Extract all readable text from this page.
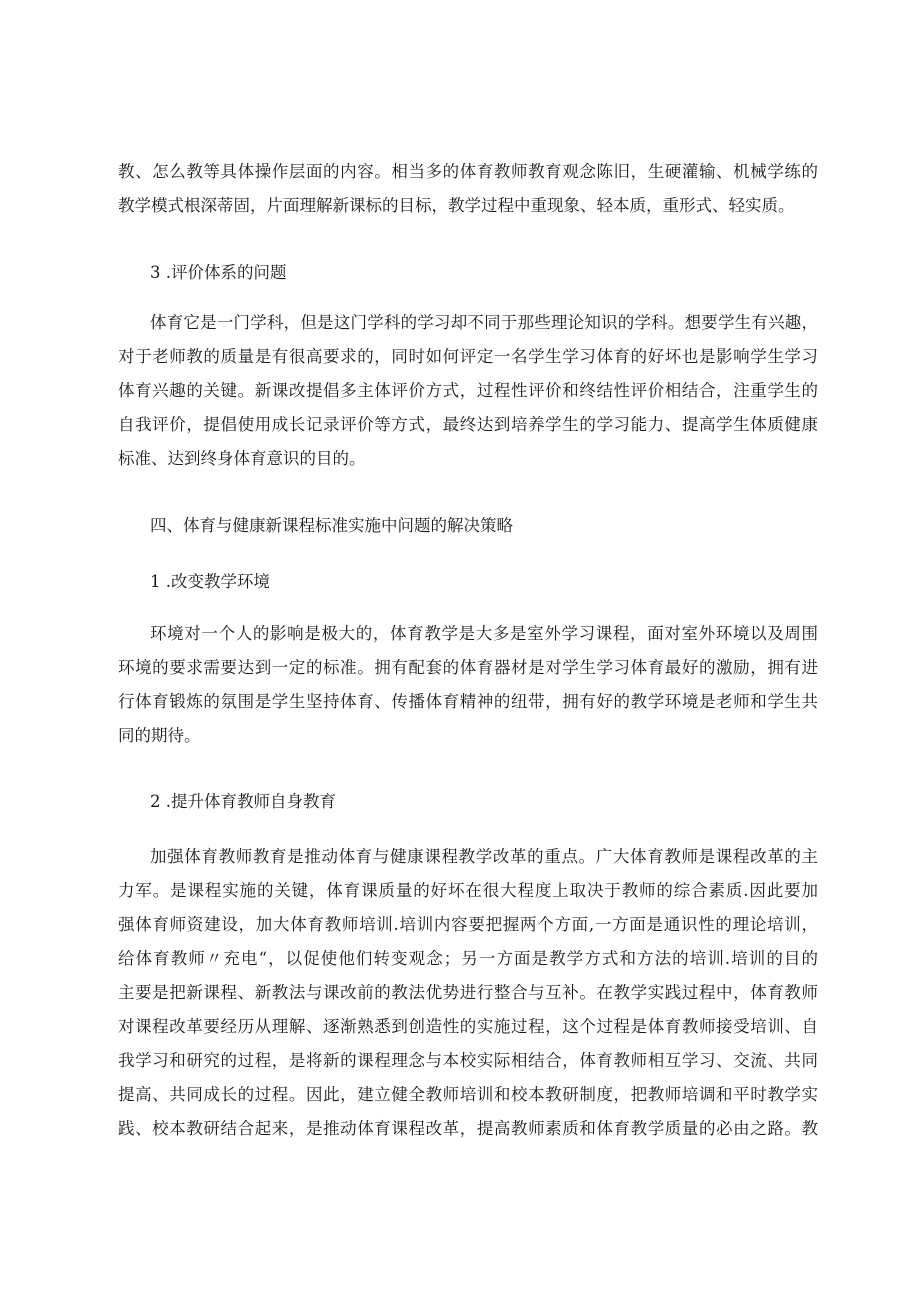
教、怎么教等具体操作层面的内容。相当多的体育教师教育观念陈旧，生硬灌输、机械学练的
教学模式根深蒂固，片面理解新课标的目标，教学过程中重现象、轻本质，重形式、轻实质。
3 .评价体系的问题
体育它是一门学科，但是这门学科的学习却不同于那些理论知识的学科。想要学生有兴趣，
对于老师教的质量是有很高要求的，同时如何评定一名学生学习体育的好坏也是影响学生学习
体育兴趣的关键。新课改提倡多主体评价方式，过程性评价和终结性评价相结合，注重学生的
自我评价，提倡使用成长记录评价等方式，最终达到培养学生的学习能力、提高学生体质健康
标准、达到终身体育意识的目的。
四、体育与健康新课程标准实施中问题的解决策略
1 .改变教学环境
环境对一个人的影响是极大的，体育教学是大多是室外学习课程，面对室外环境以及周围
环境的要求需要达到一定的标准。拥有配套的体育器材是对学生学习体育最好的激励，拥有进
行体育锻炼的氛围是学生坚持体育、传播体育精神的纽带，拥有好的教学环境是老师和学生共
同的期待。
2 .提升体育教师自身教育
加强体育教师教育是推动体育与健康课程教学改革的重点。广大体育教师是课程改革的主
力军。是课程实施的关键，体育课质量的好坏在很大程度上取决于教师的综合素质.因此要加
强体育师资建设，加大体育教师培训.培训内容要把握两个方面,一方面是通识性的理论培训，
给体育教师〃充电“，以促使他们转变观念；另一方面是教学方式和方法的培训.培训的目的
主要是把新课程、新教法与课改前的教法优势进行整合与互补。在教学实践过程中，体育教师
对课程改革要经历从理解、逐渐熟悉到创造性的实施过程，这个过程是体育教师接受培训、自
我学习和研究的过程，是将新的课程理念与本校实际相结合，体育教师相互学习、交流、共同
提高、共同成长的过程。因此，建立健全教师培训和校本教研制度，把教师培调和平时教学实
践、校本教研结合起来，是推动体育课程改革，提高教师素质和体育教学质量的必由之路。教
